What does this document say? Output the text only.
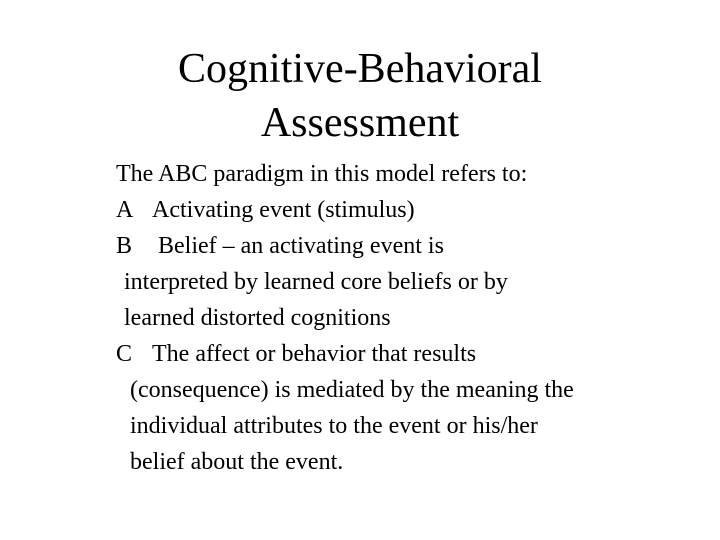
Cognitive-Behavioral
Assessment
The ABC paradigm in this model refers to:
A Activating event (stimulus)
B Belief – an activating event is
interpreted by learned core beliefs or by
learned distorted cognitions
C The affect or behavior that results
(consequence) is mediated by the meaning the
individual attributes to the event or his/her
belief about the event.
